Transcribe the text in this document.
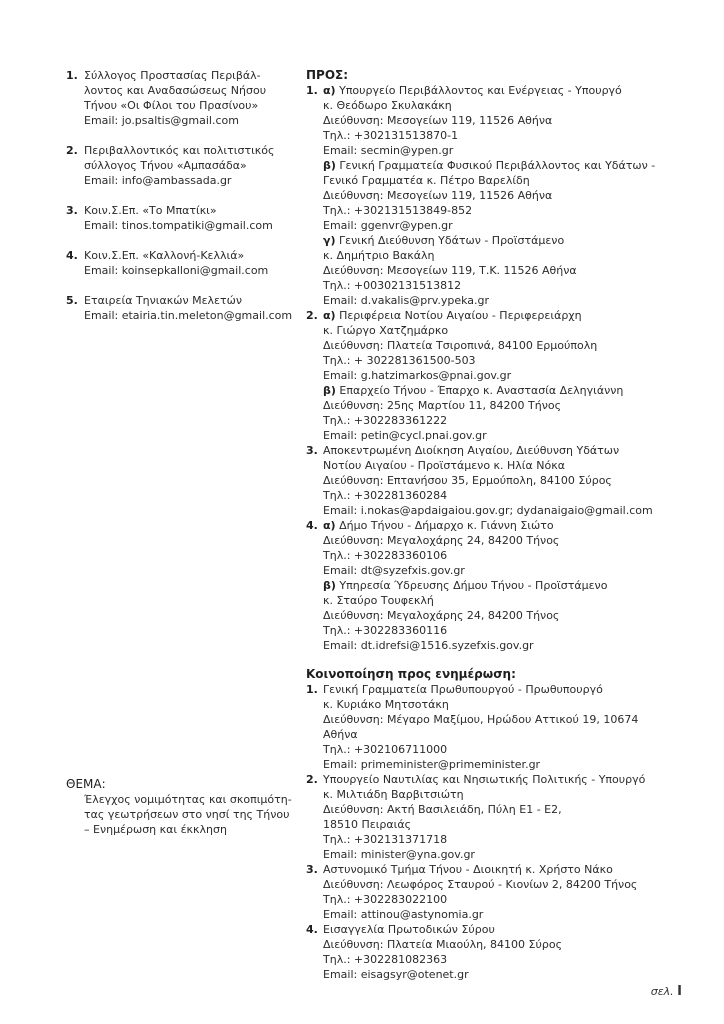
1. Σύλλογος Προστασίας Περιβάλ-
λοντος και Αναδασώσεως Νήσου
Τήνου «Οι Φίλοι του Πρασίνου»
Email: jo.psaltis@gmail.com
2. Περιβαλλοντικός και πολιτιστικός
σύλλογος Τήνου «Αμπασάδα»
Email: info@ambassada.gr
3. Κοιν.Σ.Επ. «Το Μπατίκι»
Email: tinos.tompatiki@gmail.com
4. Κοιν.Σ.Επ. «Καλλονή-Κελλιά»
Email: koinsepkalloni@gmail.com
5. Εταιρεία Τηνιακών Μελετών
Email: etairia.tin.meleton@gmail.com
ΘΕΜΑ:
Έλεγχος νομιμότητας και σκοπιμότη-
τας γεωτρήσεων στο νησί της Τήνου
– Ενημέρωση και έκκληση
ΠΡΟΣ:
1. α) Υπουργείο Περιβάλλοντος και Ενέργειας - Υπουργό
κ. Θεόδωρο Σκυλακάκη
Διεύθυνση: Μεσογείων 119, 11526 Αθήνα
Τηλ.: +302131513870-1
Email: secmin@ypen.gr
β) Γενική Γραμματεία Φυσικού Περιβάλλοντος και Υδάτων -
Γενικό Γραμματέα κ. Πέτρο Βαρελίδη
Διεύθυνση: Μεσογείων 119, 11526 Αθήνα
Τηλ.: +302131513849-852
Email: ggenvr@ypen.gr
γ) Γενική Διεύθυνση Υδάτων - Προϊστάμενο
κ. Δημήτριο Βακάλη
Διεύθυνση: Μεσογείων 119, Τ.Κ. 11526 Αθήνα
Τηλ.: +00302131513812
Email: d.vakalis@prv.ypeka.gr
2. α) Περιφέρεια Νοτίου Αιγαίου - Περιφερειάρχη
κ. Γιώργο Χατζημάρκο
Διεύθυνση: Πλατεία Τσιροπινά, 84100 Ερμούπολη
Τηλ.: + 302281361500-503
Email: g.hatzimarkos@pnai.gov.gr
β) Επαρχείο Τήνου - Έπαρχο κ. Αναστασία Δεληγιάννη
Διεύθυνση: 25ης Μαρτίου 11, 84200 Τήνος
Τηλ.: +302283361222
Email: petin@cycl.pnai.gov.gr
3. Αποκεντρωμένη Διοίκηση Αιγαίου, Διεύθυνση Υδάτων
Νοτίου Αιγαίου - Προϊστάμενο κ. Ηλία Νόκα
Διεύθυνση: Επτανήσου 35, Ερμούπολη, 84100 Σύρος
Τηλ.: +302281360284
Email: i.nokas@apdaigaiou.gov.gr; dydanaigaio@gmail.com
4. α) Δήμο Τήνου - Δήμαρχο κ. Γιάννη Σιώτο
Διεύθυνση: Μεγαλοχάρης 24, 84200 Τήνος
Τηλ.: +302283360106
Email: dt@syzefxis.gov.gr
β) Υπηρεσία Ύδρευσης Δήμου Τήνου - Προϊστάμενο
κ. Σταύρο Τουφεκλή
Διεύθυνση: Μεγαλοχάρης 24, 84200 Τήνος
Τηλ.: +302283360116
Email: dt.idrefsi@1516.syzefxis.gov.gr
Κοινοποίηση προς ενημέρωση:
1. Γενική Γραμματεία Πρωθυπουργού - Πρωθυπουργό
κ. Κυριάκο Μητσοτάκη
Διεύθυνση: Μέγαρο Μαξίμου, Ηρώδου Αττικού 19, 10674
Αθήνα
Τηλ.: +302106711000
Email: primeminister@primeminister.gr
2. Υπουργείο Ναυτιλίας και Νησιωτικής Πολιτικής - Υπουργό
κ. Μιλτιάδη Βαρβιτσιώτη
Διεύθυνση: Ακτή Βασιλειάδη, Πύλη Ε1 - Ε2,
18510 Πειραιάς
Τηλ.: +302131371718
Email: minister@yna.gov.gr
3. Αστυνομικό Τμήμα Τήνου - Διοικητή κ. Χρήστο Νάκο
Διεύθυνση: Λεωφόρος Σταυρού - Κιονίων 2, 84200 Τήνος
Τηλ.: +302283022100
Email: attinou@astynomia.gr
4. Εισαγγελία Πρωτοδικών Σύρου
Διεύθυνση: Πλατεία Μιαούλη, 84100 Σύρος
Τηλ.: +302281082363
Email: eisagsyr@otenet.gr
σελ. I
